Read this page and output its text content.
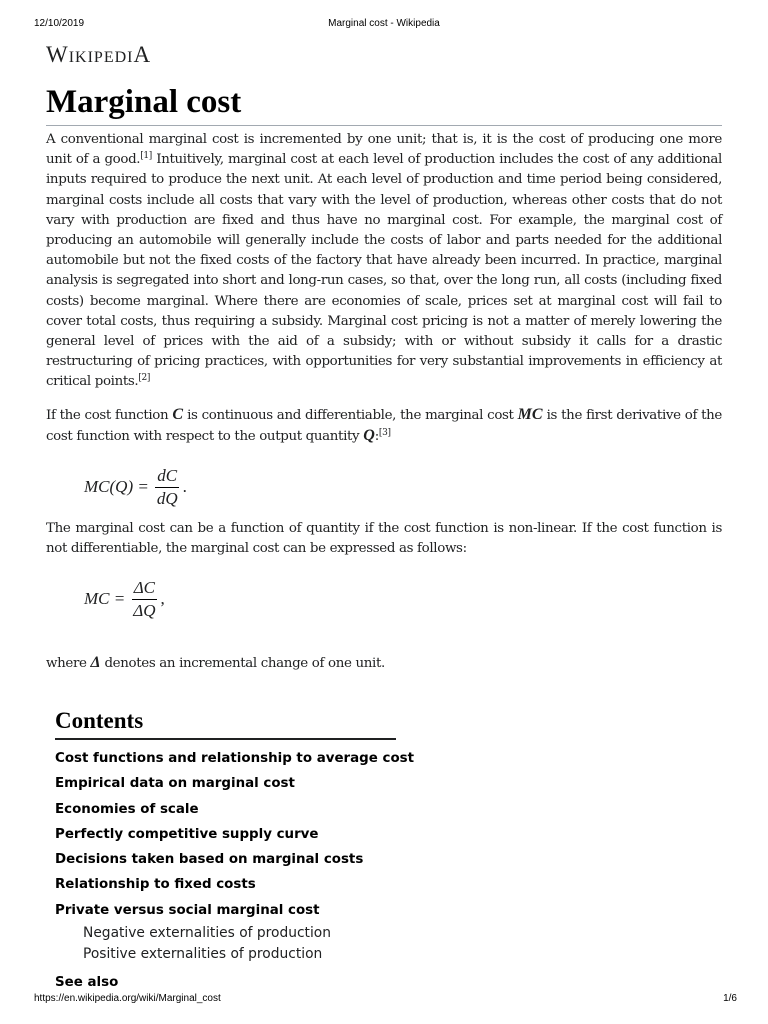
12/10/2019	Marginal cost - Wikipedia
WikipediA
Marginal cost

A conventional marginal cost is incremented by one unit; that is, it is the cost of producing one more unit of a good.[1] Intuitively, marginal cost at each level of production includes the cost of any additional inputs required to produce the next unit. At each level of production and time period being considered, marginal costs include all costs that vary with the level of production, whereas other costs that do not vary with production are fixed and thus have no marginal cost. For example, the marginal cost of producing an automobile will generally include the costs of labor and parts needed for the additional automobile but not the fixed costs of the factory that have already been incurred. In practice, marginal analysis is segregated into short and long-run cases, so that, over the long run, all costs (including fixed costs) become marginal. Where there are economies of scale, prices set at marginal cost will fail to cover total costs, thus requiring a subsidy. Marginal cost pricing is not a matter of merely lowering the general level of prices with the aid of a subsidy; with or without subsidy it calls for a drastic restructuring of pricing practices, with opportunities for very substantial improvements in efficiency at critical points.[2]

If the cost function C is continuous and differentiable, the marginal cost MC is the first derivative of the cost function with respect to the output quantity Q:[3]

$MC(Q) = \frac{dC}{dQ}$ .

The marginal cost can be a function of quantity if the cost function is non-linear. If the cost function is not differentiable, the marginal cost can be expressed as follows:

MC = $\frac{\Delta C}{\Delta Q}$ ,

where Δ denotes an incremental change of one unit.

Contents
Cost functions and relationship to average cost
Empirical data on marginal cost
Economies of scale
Perfectly competitive supply curve
Decisions taken based on marginal costs
Relationship to fixed costs
Private versus social marginal cost
Negative externalities of production
Positive externalities of production
See also
https://en.wikipedia.org/wiki/Marginal_cost	1/6
